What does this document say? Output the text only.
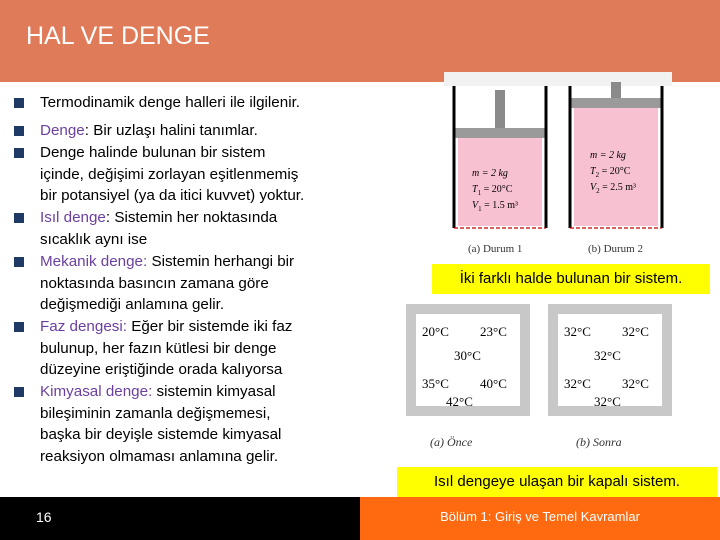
HAL VE DENGE
Termodinamik denge halleri ile ilgilenir.
Denge: Bir uzlaşı halini tanımlar.
Denge halinde bulunan bir sistem
içinde, değişimi zorlayan eşitlenmemiş
bir potansiyel (ya da itici kuvvet) yoktur.
Isıl denge: Sistemin her noktasında
sıcaklık aynı ise
Mekanik denge: Sistemin herhangi bir
noktasında basıncın zamana göre
değişmediği anlamına gelir.
Faz dengesi: Eğer bir sistemde iki faz
bulunup, her fazın kütlesi bir denge
düzeyine eriştiğinde orada kalıyorsa
Kimyasal denge: sistemin kimyasal
bileşiminin zamanla değişmemesi,
başka bir deyişle sistemde kimyasal
reaksiyon olmaması anlamına gelir.
m = 2 kg
$T_1 = 20^\circ C$
$V_1 = 1.5$ m³
(a) Durum 1
m = 2 kg
$T_2 = 20^\circ C$
$V_2 = 2.5$ m³
(b) Durum 2
İki farklı halde bulunan bir sistem.
20°C 23°C
30°C
35°C 40°C
42°C
(a) Önce
32°C 32°C
32°C
32°C 32°C
32°C
(b) Sonra
Isıl dengeye ulaşan bir kapalı sistem.
16	Bölüm 1: Giriş ve Temel Kavramlar
